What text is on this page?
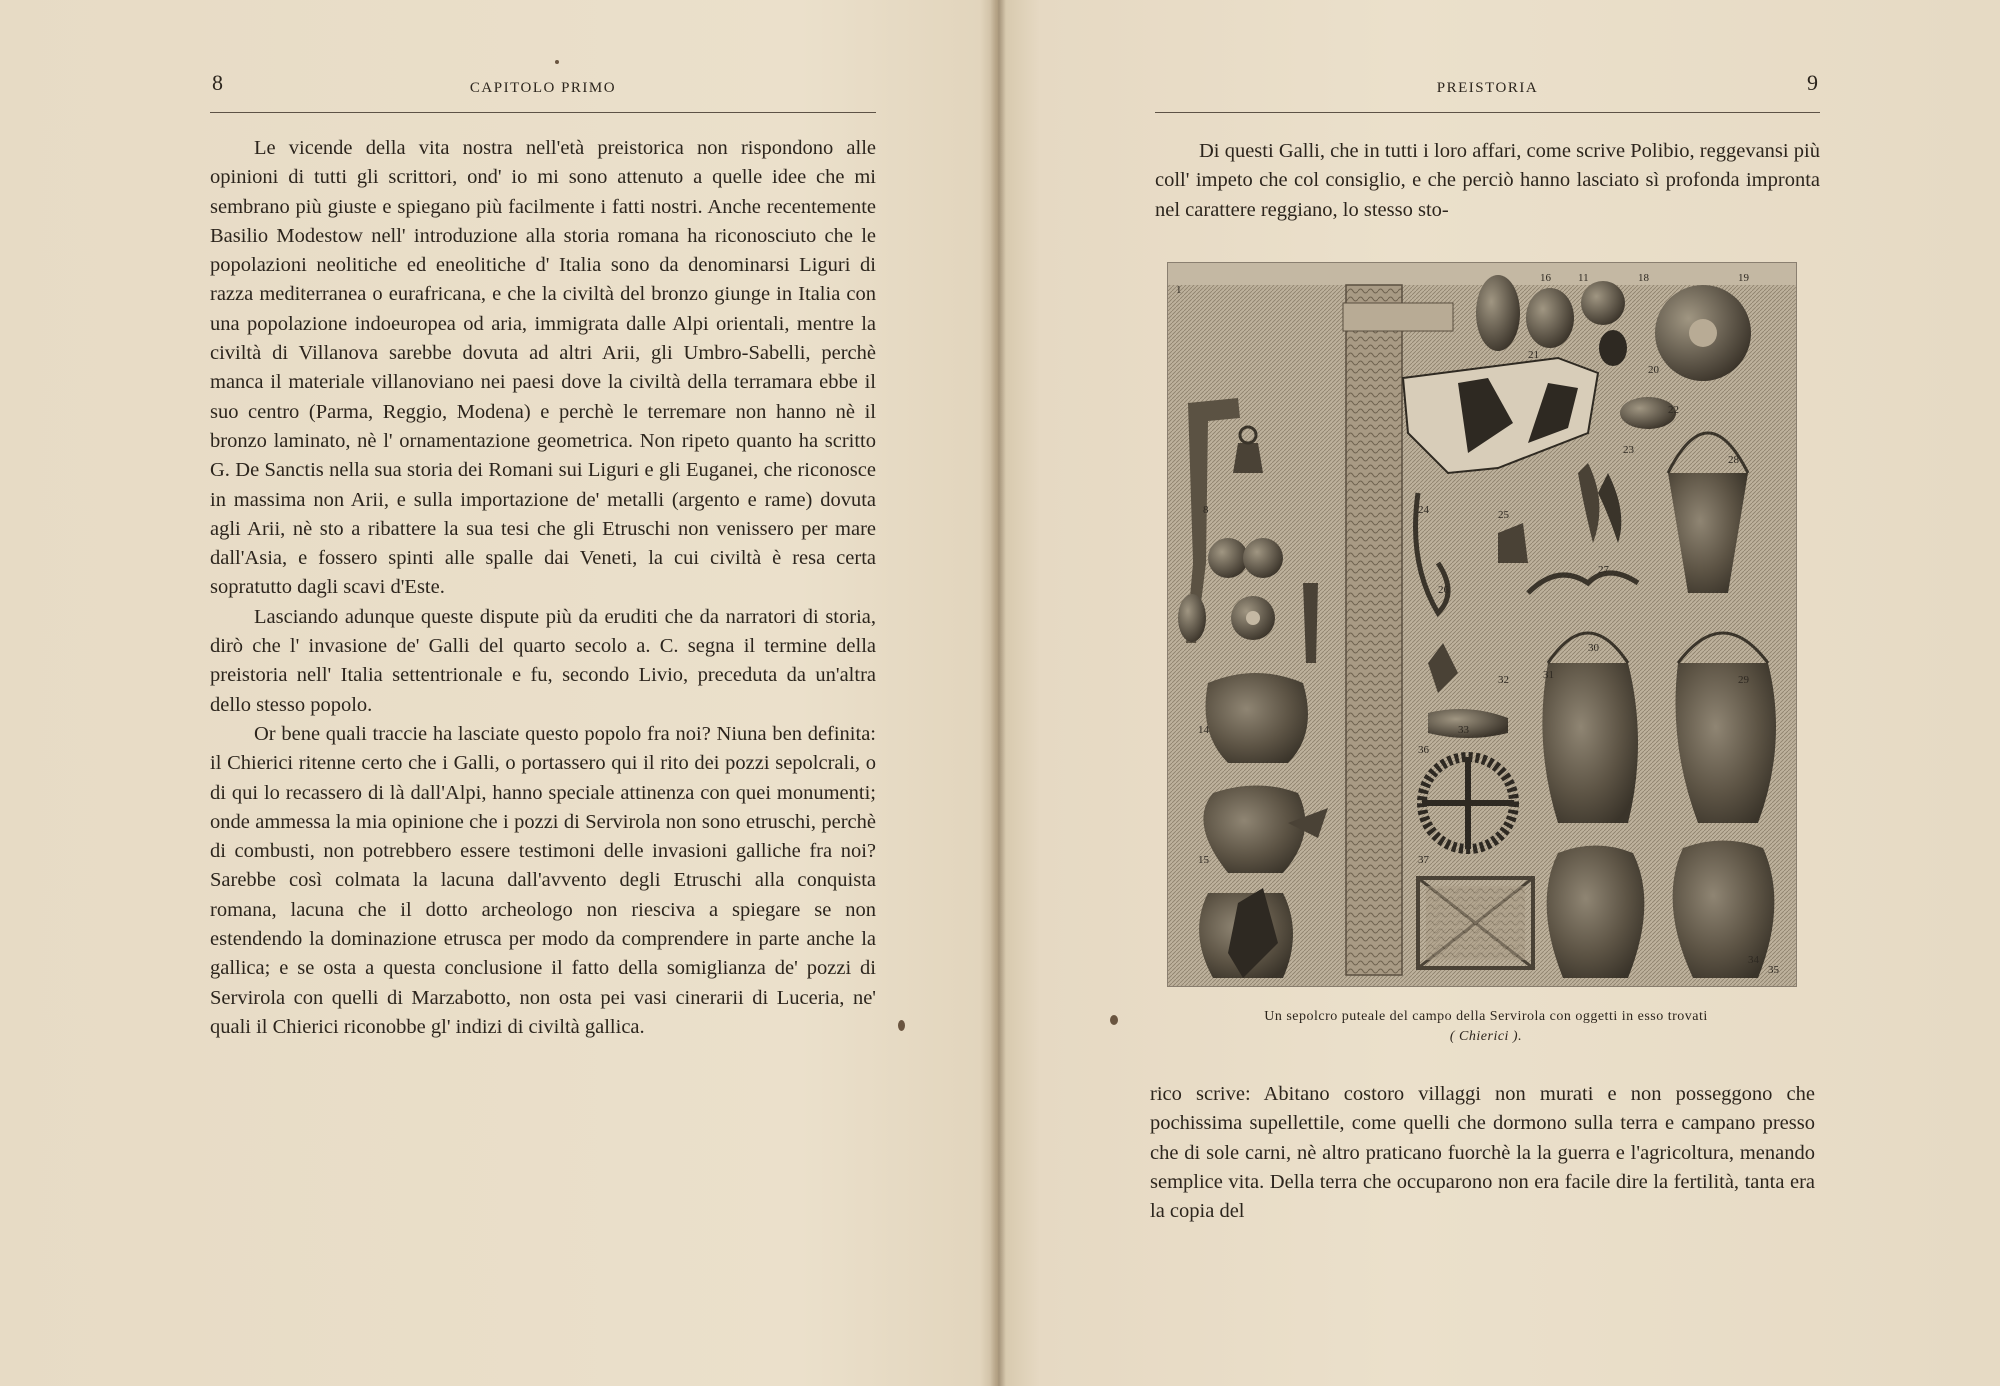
8	CAPITOLO PRIMO

Le vicende della vita nostra nell'età preistorica non rispondono alle opinioni di tutti gli scrittori, ond' io mi sono attenuto a quelle idee che mi sembrano più giuste e spiegano più facilmente i fatti nostri. Anche recentemente Basilio Modestow nell' introduzione alla storia romana ha riconosciuto che le popolazioni neolitiche ed eneolitiche d' Italia sono da denominarsi Liguri di razza mediterranea o eurafricana, e che la civiltà del bronzo giunge in Italia con una popolazione indoeuropea od aria, immigrata dalle Alpi orientali, mentre la civiltà di Villanova sarebbe dovuta ad altri Arii, gli Umbro-Sabelli, perchè manca il materiale villanoviano nei paesi dove la civiltà della terramara ebbe il suo centro (Parma, Reggio, Modena) e perchè le terremare non hanno nè il bronzo laminato, nè l' ornamentazione geometrica. Non ripeto quanto ha scritto G. De Sanctis nella sua storia dei Romani sui Liguri e gli Euganei, che riconosce in massima non Arii, e sulla importazione de' metalli (argento e rame) dovuta agli Arii, nè sto a ribattere la sua tesi che gli Etruschi non venissero per mare dall'Asia, e fossero spinti alle spalle dai Veneti, la cui civiltà è resa certa sopratutto dagli scavi d'Este.

Lasciando adunque queste dispute più da eruditi che da narratori di storia, dirò che l' invasione de' Galli del quarto secolo a. C. segna il termine della preistoria nell' Italia settentrionale e fu, secondo Livio, preceduta da un'altra dello stesso popolo.

Or bene quali traccie ha lasciate questo popolo fra noi? Niuna ben definita: il Chierici ritenne certo che i Galli, o portassero qui il rito dei pozzi sepolcrali, o di qui lo recassero di là dall'Alpi, hanno speciale attinenza con quei monumenti; onde ammessa la mia opinione che i pozzi di Servirola non sono etruschi, perchè di combusti, non potrebbero essere testimoni delle invasioni galliche fra noi? Sarebbe così colmata la lacuna dall'avvento degli Etruschi alla conquista romana, lacuna che il dotto archeologo non riesciva a spiegare se non estendendo la dominazione etrusca per modo da comprendere in parte anche la gallica; e se osta a questa conclusione il fatto della somiglianza de' pozzi di Servirola con quelli di Marzabotto, non osta pei vasi cinerarii di Luceria, ne' quali il Chierici riconobbe gl' indizi di civiltà gallica.

PREISTORIA	9

Di questi Galli, che in tutti i loro affari, come scrive Polibio, reggevansi più coll' impeto che col consiglio, e che perciò hanno lasciato sì profonda impronta nel carattere reggiano, lo stesso sto-

1
8
14
15
16 11	18	19
20
21
22
23
24	25
26
27
28
29
30
31
32
33
34
35
36
37
Un sepolcro puteale del campo della Servirola con oggetti in esso trovati
( Chierici ).

rico scrive: Abitano costoro villaggi non murati e non posseggono che pochissima supellettile, come quelli che dormono sulla terra e campano presso che di sole carni, nè altro praticano fuorchè la la guerra e l'agricoltura, menando semplice vita. Della terra che occuparono non era facile dire la fertilità, tanta era la copia del
